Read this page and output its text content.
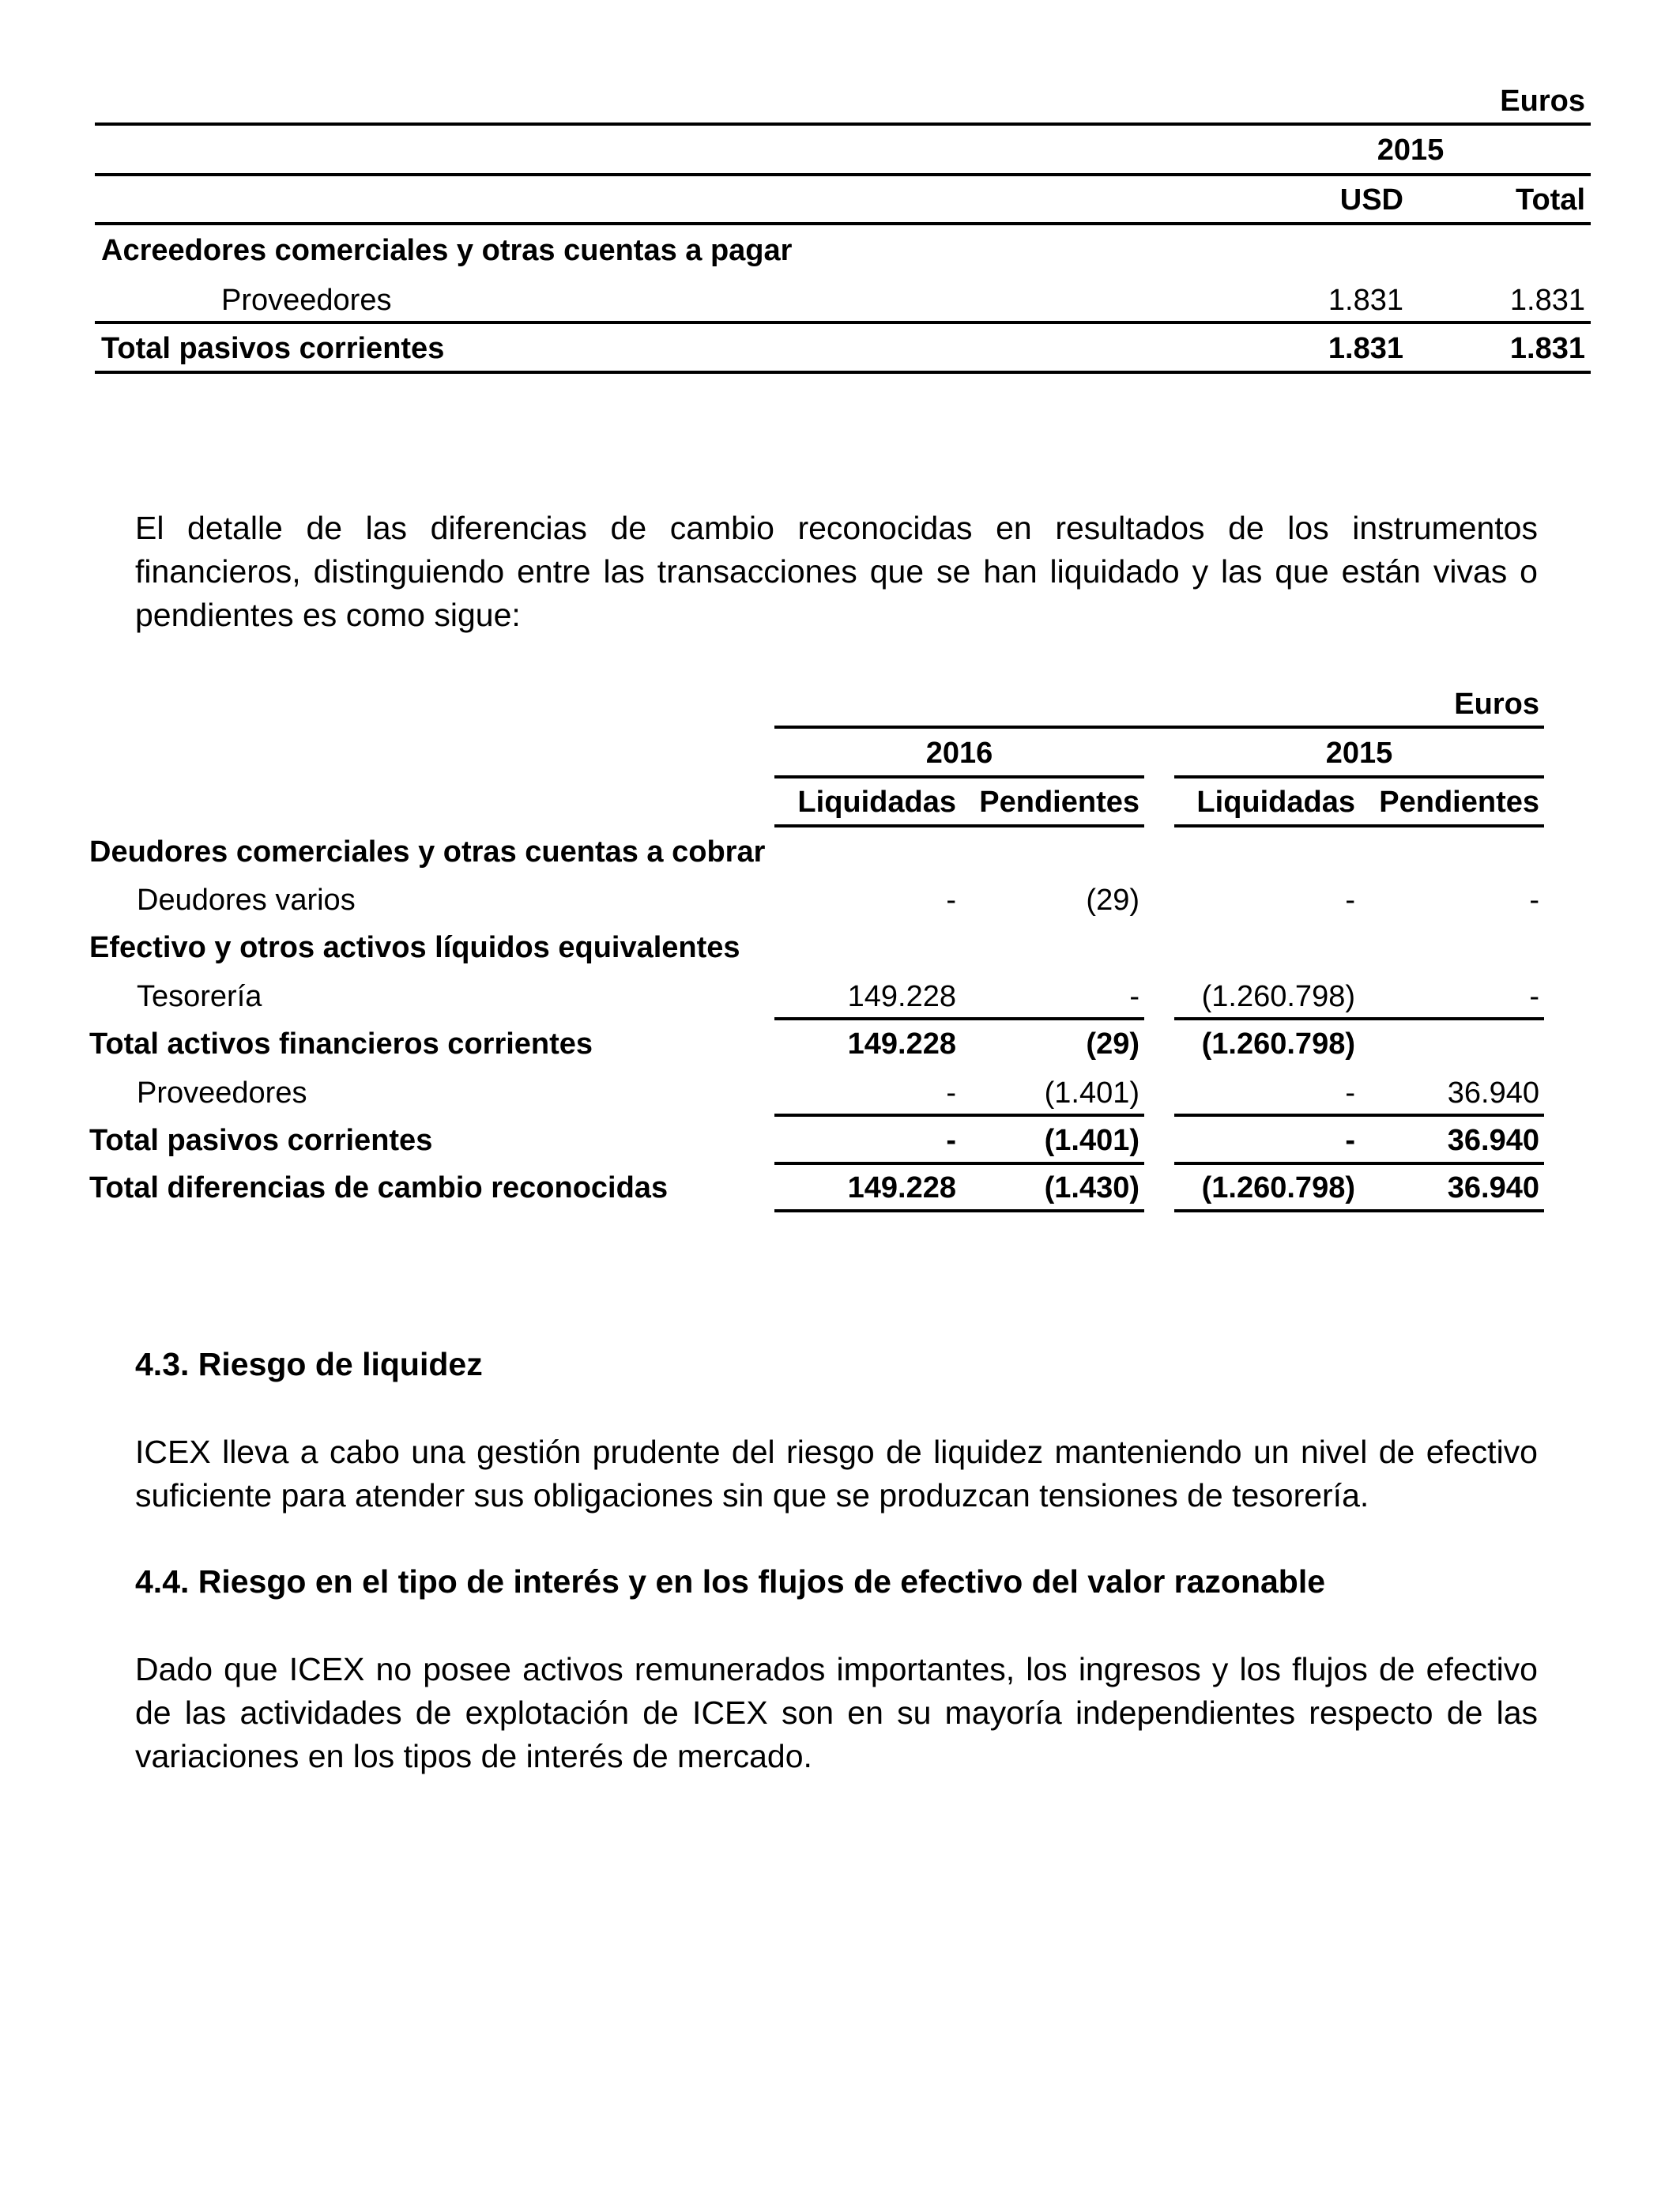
Euros
2015
USD	Total
Acreedores comerciales y otras cuentas a pagar
Proveedores	1.831	1.831
Total pasivos corrientes	1.831	1.831
El detalle de las diferencias de cambio reconocidas en resultados de los instrumentos financieros, distinguiendo entre las transacciones que se han liquidado y las que están vivas o pendientes es como sigue:
Euros
2016	2015
Liquidadas Pendientes Liquidadas Pendientes
Deudores comerciales y otras cuentas a cobrar
Deudores varios	-	(29)	-	-
Efectivo y otros activos líquidos equivalentes
Tesorería	149.228	-	(1.260.798)	-
Total activos financieros corrientes	149.228	(29)	(1.260.798)
Proveedores	-	(1.401)	-	36.940
Total pasivos corrientes	-	(1.401)	-	36.940
Total diferencias de cambio reconocidas	149.228	(1.430)	(1.260.798)	36.940
4.3. Riesgo de liquidez
ICEX lleva a cabo una gestión prudente del riesgo de liquidez manteniendo un nivel de efectivo suficiente para atender sus obligaciones sin que se produzcan tensiones de tesorería.
4.4. Riesgo en el tipo de interés y en los flujos de efectivo del valor razonable
Dado que ICEX no posee activos remunerados importantes, los ingresos y los flujos de efectivo de las actividades de explotación de ICEX son en su mayoría independientes respecto de las variaciones en los tipos de interés de mercado.
